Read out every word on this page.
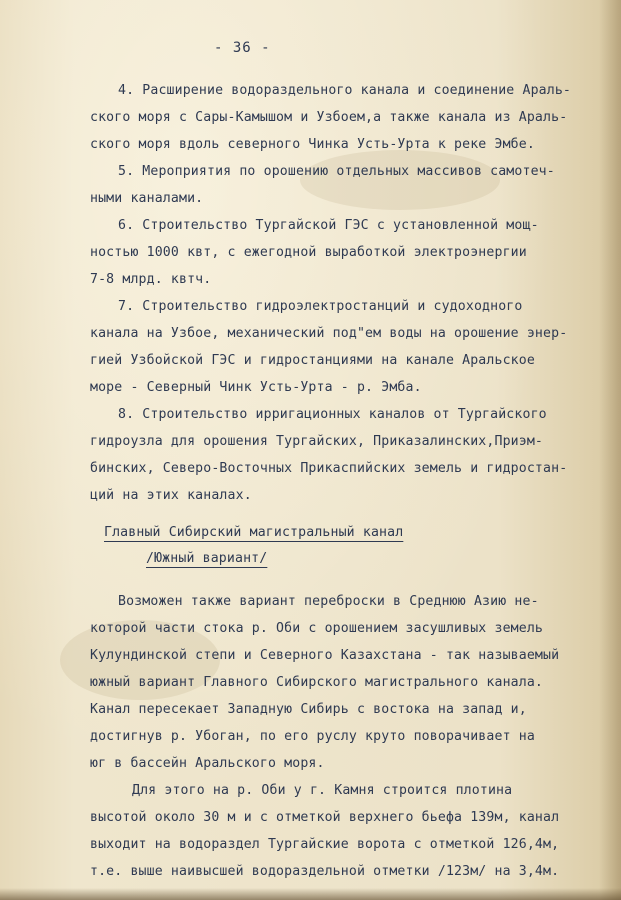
- 36 -
4. Расширение водораздельного канала и соединение Араль-
ского моря с Сары-Камышом и Узбоем,а также канала из Араль-
ского моря вдоль северного Чинка Усть-Урта к реке Эмбе.
5. Мероприятия по орошению отдельных массивов самотеч-
ными каналами.
6. Строительство Тургайской ГЭС с установленной мощ-
ностью 1000 квт, с ежегодной выработкой электроэнергии
7-8 млрд. квтч.
7. Строительство гидроэлектростанций и судоходного
канала на Узбое, механический под"ем воды на орошение энер-
гией Узбойской ГЭС и гидростанциями на канале Аральское
море - Северный Чинк Усть-Урта - р. Эмба.
8. Строительство ирригационных каналов от Тургайского
гидроузла для орошения Тургайских, Приказалинских,Приэм-
бинских, Северо-Восточных Прикаспийских земель и гидростан-
ций на этих каналах.
Главный Сибирский магистральный канал
/Южный вариант/
Возможен также вариант переброски в Среднюю Азию не-
которой части стока р. Оби с орошением засушливых земель
Кулундинской степи и Северного Казахстана - так называемый
южный вариант Главного Сибирского магистрального канала.
Канал пересекает Западную Сибирь с востока на запад и,
достигнув р. Убоган, по его руслу круто поворачивает на
юг в бассейн Аральского моря.
Для этого на р. Оби у г. Камня строится плотина
высотой около 30 м и с отметкой верхнего бьефа 139м, канал
выходит на водораздел Тургайские ворота с отметкой 126,4м,
т.е. выше наивысшей водораздельной отметки /123м/ на 3,4м.
